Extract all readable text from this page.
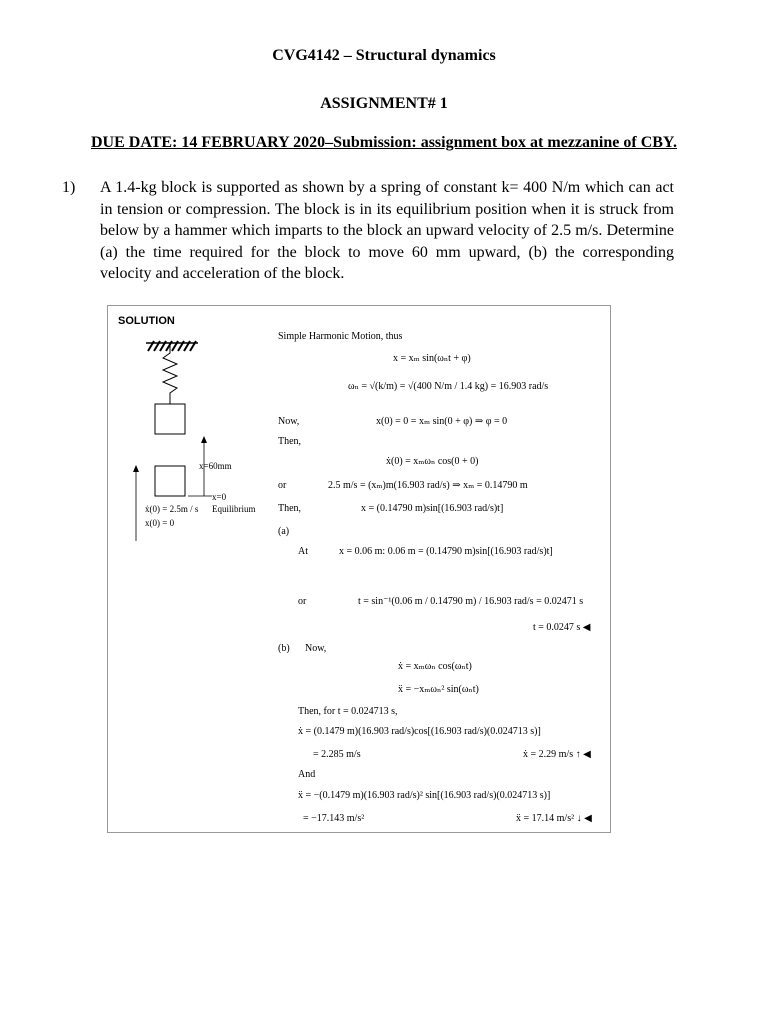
CVG4142 – Structural dynamics
ASSIGNMENT# 1
DUE DATE: 14 FEBRUARY 2020–Submission: assignment box at mezzanine of CBY.
1) A 1.4-kg block is supported as shown by a spring of constant k= 400 N/m which can act in tension or compression. The block is in its equilibrium position when it is struck from below by a hammer which imparts to the block an upward velocity of 2.5 m/s. Determine (a) the time required for the block to move 60 mm upward, (b) the corresponding velocity and acceleration of the block.
SOLUTION
x=60mm
x=0
Equilibrium
ẋ(0) = 2.5m / s
x(0) = 0
Simple Harmonic Motion, thus
x = xₘ sin(ωₙt + φ)
ωₙ = √(k/m) = √(400 N/m / 1.4 kg) = 16.903 rad/s
Now,	x(0) = 0 = xₘ sin(0 + φ) ⇒ φ = 0
Then,
ẋ(0) = xₘωₙ cos(0 + 0)
or	2.5 m/s = (xₘ)m(16.903 rad/s) ⇒ xₘ = 0.14790 m
Then,	x = (0.14790 m)sin[(16.903 rad/s)t]
(a)
At	x = 0.06 m: 0.06 m = (0.14790 m)sin[(16.903 rad/s)t]
or	t = sin⁻¹(0.06 m / 0.14790 m) / 16.903 rad/s = 0.02471 s
t = 0.0247 s ◀
(b) Now,
ẋ = xₘωₙ cos(ωₙt)
ẍ = −xₘωₙ² sin(ωₙt)
Then, for t = 0.024713 s,
ẋ = (0.1479 m)(16.903 rad/s)cos[(16.903 rad/s)(0.024713 s)]
= 2.285 m/s	ẋ = 2.29 m/s ↑ ◀
And
ẍ = −(0.1479 m)(16.903 rad/s)² sin[(16.903 rad/s)(0.024713 s)]
= −17.143 m/s²	ẍ = 17.14 m/s² ↓ ◀
